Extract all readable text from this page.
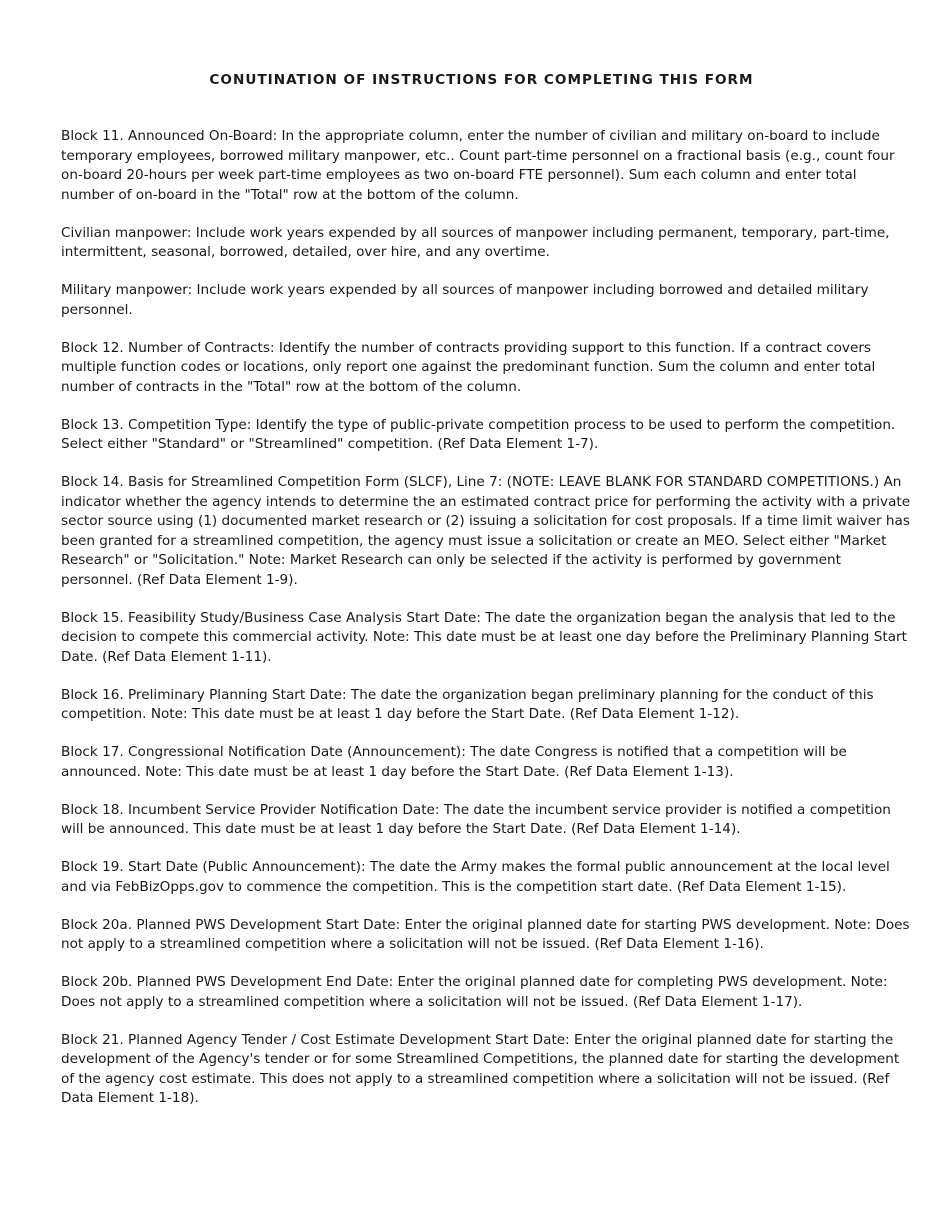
CONUTINATION OF INSTRUCTIONS FOR COMPLETING THIS FORM

Block 11. Announced On-Board: In the appropriate column, enter the number of civilian and military on-board to include temporary employees, borrowed military manpower, etc.. Count part-time personnel on a fractional basis (e.g., count four on-board 20-hours per week part-time employees as two on-board FTE personnel). Sum each column and enter total number of on-board in the "Total" row at the bottom of the column.

Civilian manpower: Include work years expended by all sources of manpower including permanent, temporary, part-time, intermittent, seasonal, borrowed, detailed, over hire, and any overtime.

Military manpower: Include work years expended by all sources of manpower including borrowed and detailed military personnel.

Block 12. Number of Contracts: Identify the number of contracts providing support to this function. If a contract covers multiple function codes or locations, only report one against the predominant function. Sum the column and enter total number of contracts in the "Total" row at the bottom of the column.

Block 13. Competition Type: Identify the type of public-private competition process to be used to perform the competition. Select either "Standard" or "Streamlined" competition. (Ref Data Element 1-7).

Block 14. Basis for Streamlined Competition Form (SLCF), Line 7: (NOTE: LEAVE BLANK FOR STANDARD COMPETITIONS.) An indicator whether the agency intends to determine the an estimated contract price for performing the activity with a private sector source using (1) documented market research or (2) issuing a solicitation for cost proposals. If a time limit waiver has been granted for a streamlined competition, the agency must issue a solicitation or create an MEO. Select either "Market Research" or "Solicitation." Note: Market Research can only be selected if the activity is performed by government personnel. (Ref Data Element 1-9).

Block 15. Feasibility Study/Business Case Analysis Start Date: The date the organization began the analysis that led to the decision to compete this commercial activity. Note: This date must be at least one day before the Preliminary Planning Start Date. (Ref Data Element 1-11).

Block 16. Preliminary Planning Start Date: The date the organization began preliminary planning for the conduct of this competition. Note: This date must be at least 1 day before the Start Date. (Ref Data Element 1-12).

Block 17. Congressional Notification Date (Announcement): The date Congress is notified that a competition will be announced. Note: This date must be at least 1 day before the Start Date. (Ref Data Element 1-13).

Block 18. Incumbent Service Provider Notification Date: The date the incumbent service provider is notified a competition will be announced. This date must be at least 1 day before the Start Date. (Ref Data Element 1-14).

Block 19. Start Date (Public Announcement): The date the Army makes the formal public announcement at the local level and via FebBizOpps.gov to commence the competition. This is the competition start date. (Ref Data Element 1-15).

Block 20a. Planned PWS Development Start Date: Enter the original planned date for starting PWS development. Note: Does not apply to a streamlined competition where a solicitation will not be issued. (Ref Data Element 1-16).

Block 20b. Planned PWS Development End Date: Enter the original planned date for completing PWS development. Note: Does not apply to a streamlined competition where a solicitation will not be issued. (Ref Data Element 1-17).

Block 21. Planned Agency Tender / Cost Estimate Development Start Date: Enter the original planned date for starting the development of the Agency's tender or for some Streamlined Competitions, the planned date for starting the development of the agency cost estimate. This does not apply to a streamlined competition where a solicitation will not be issued. (Ref Data Element 1-18).
